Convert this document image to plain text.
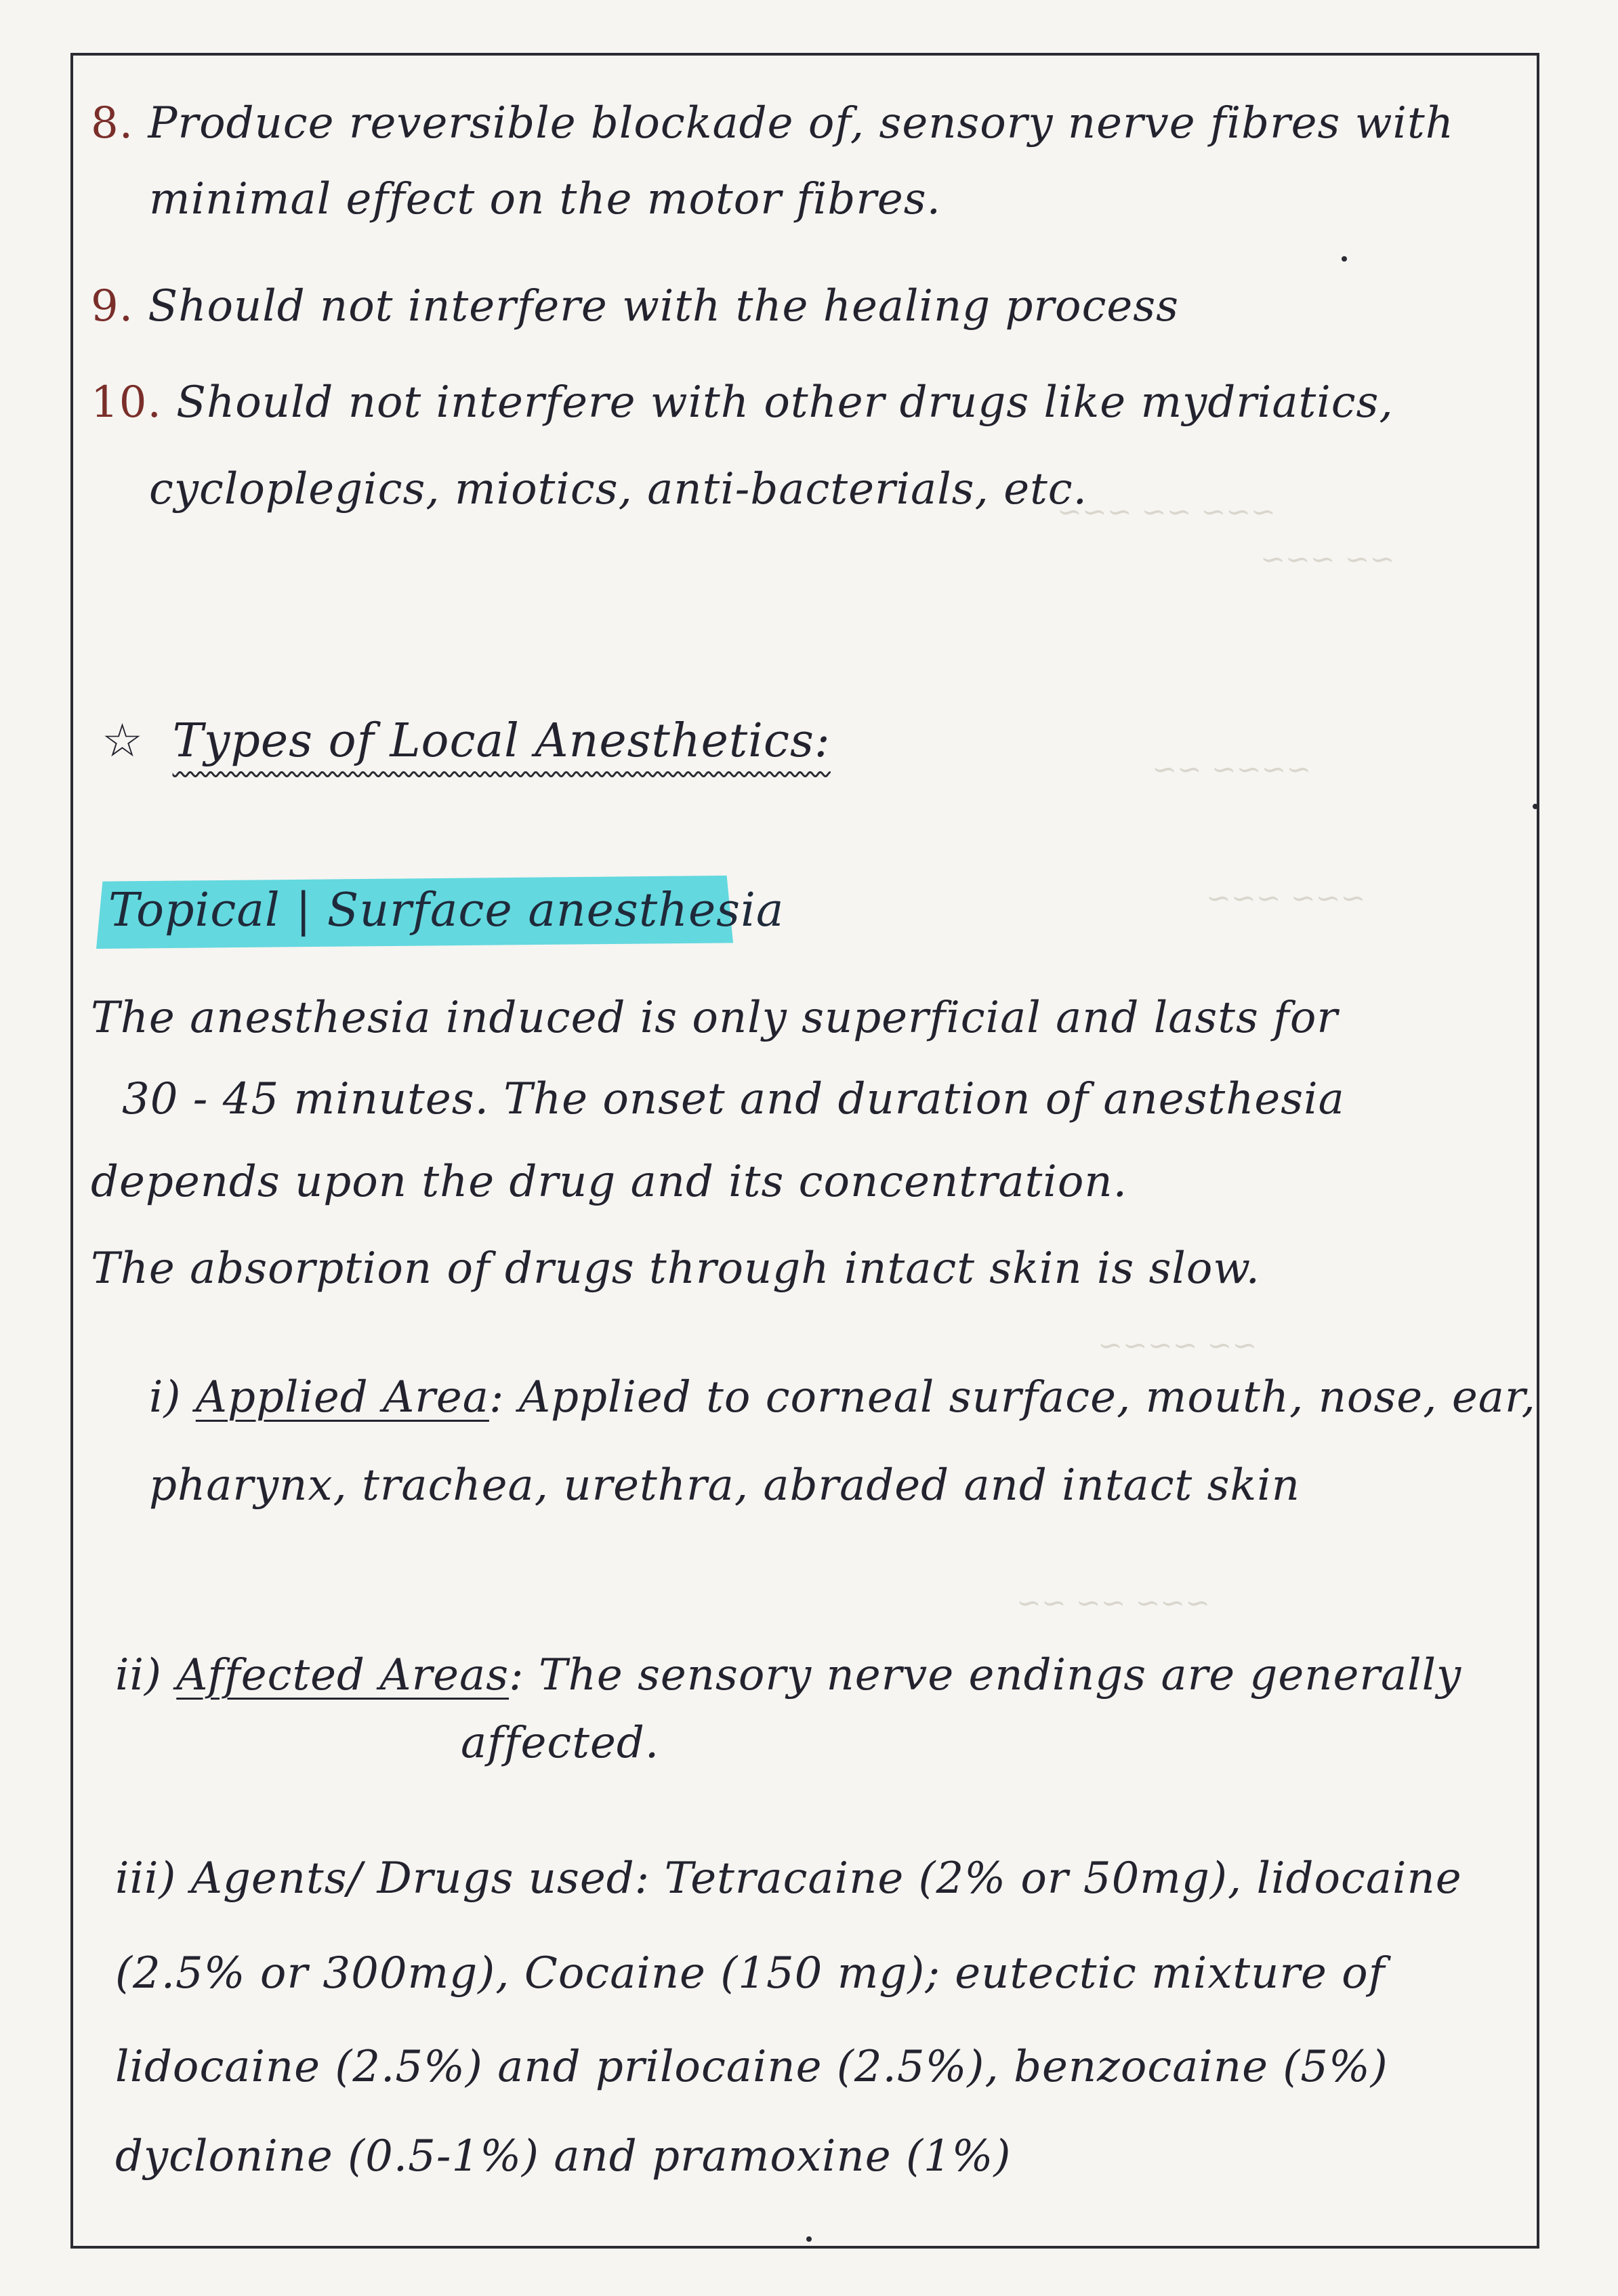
~~~ ~~ ~~~
~~ ~~~
~~~~ ~~
~~~ ~~~
~~ ~~~~
~~~ ~~ ~~
8. Produce reversible blockade of, sensory nerve fibres with
minimal effect on the motor fibres.
9. Should not interfere with the healing process
10. Should not interfere with other drugs like mydriatics,
cycloplegics, miotics, anti-bacterials, etc.
☆ Types of Local Anesthetics:
Topical | Surface anesthesia
The anesthesia induced is only superficial and lasts for
30 - 45 minutes. The onset and duration of anesthesia
depends upon the drug and its concentration.
The absorption of drugs through intact skin is slow.
i) Applied Area: Applied to corneal surface, mouth, nose, ear,
pharynx, trachea, urethra, abraded and intact skin
ii) Affected Areas: The sensory nerve endings are generally
affected.
iii) Agents/ Drugs used: Tetracaine (2% or 50mg), lidocaine
(2.5% or 300mg), Cocaine (150 mg); eutectic mixture of
lidocaine (2.5%) and prilocaine (2.5%), benzocaine (5%)
dyclonine (0.5-1%) and pramoxine (1%)
